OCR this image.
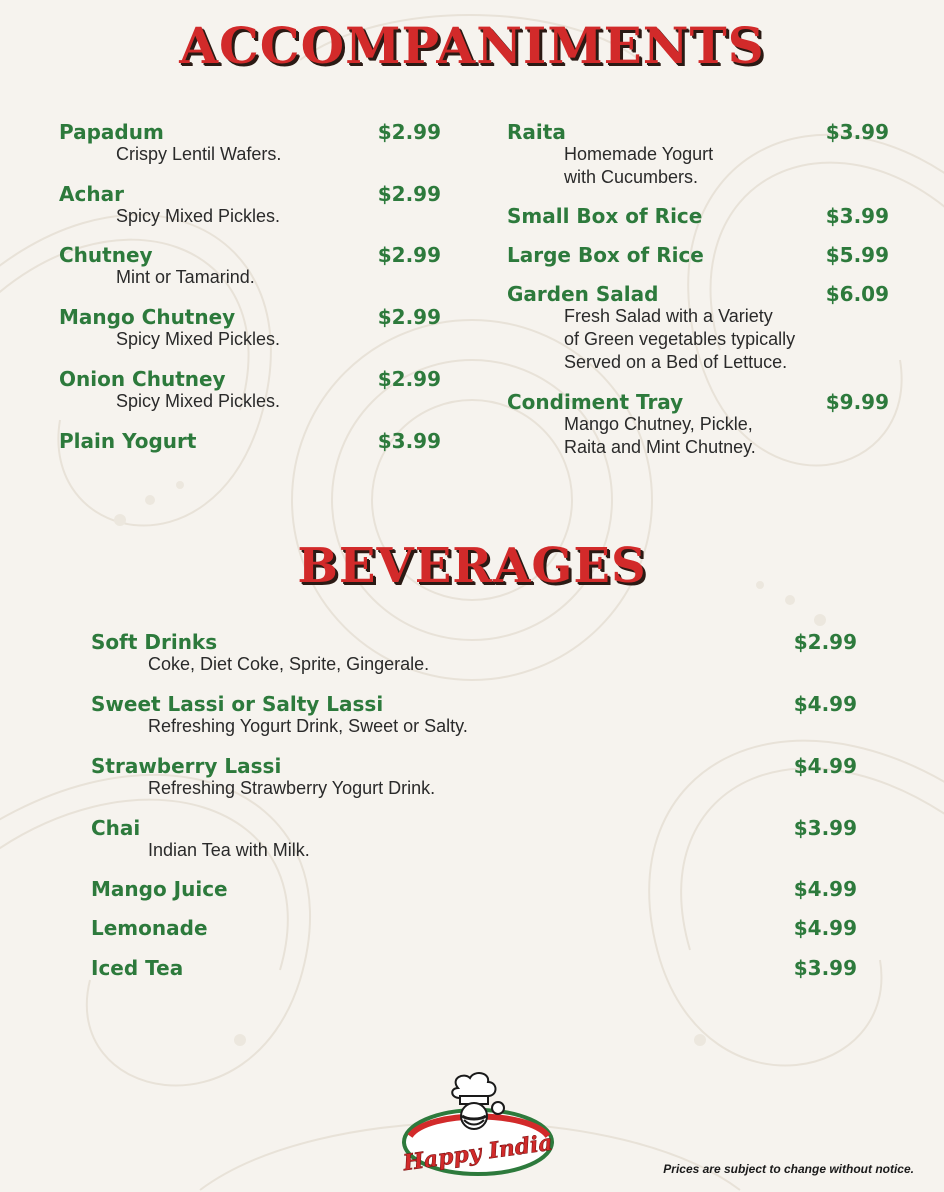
ACCOMPANIMENTS
Papadum	$2.99
Crispy Lentil Wafers.
Achar	$2.99
Spicy Mixed Pickles.
Chutney	$2.99
Mint or Tamarind.
Mango Chutney	$2.99
Spicy Mixed Pickles.
Onion Chutney	$2.99
Spicy Mixed Pickles.
Plain Yogurt	$3.99
Raita	$3.99
Homemade Yogurt
with Cucumbers.
Small Box of Rice	$3.99
Large Box of Rice	$5.99
Garden Salad	$6.09
Fresh Salad with a Variety
of Green vegetables typically
Served on a Bed of Lettuce.
Condiment Tray	$9.99
Mango Chutney, Pickle,
Raita and Mint Chutney.
BEVERAGES
Soft Drinks	$2.99
Coke, Diet Coke, Sprite, Gingerale.
Sweet Lassi or Salty Lassi	$4.99
Refreshing Yogurt Drink, Sweet or Salty.
Strawberry Lassi	$4.99
Refreshing Strawberry Yogurt Drink.
Chai	$3.99
Indian Tea with Milk.
Mango Juice	$4.99
Lemonade	$4.99
Iced Tea	$3.99
Happy India	Prices are subject to change without notice.
